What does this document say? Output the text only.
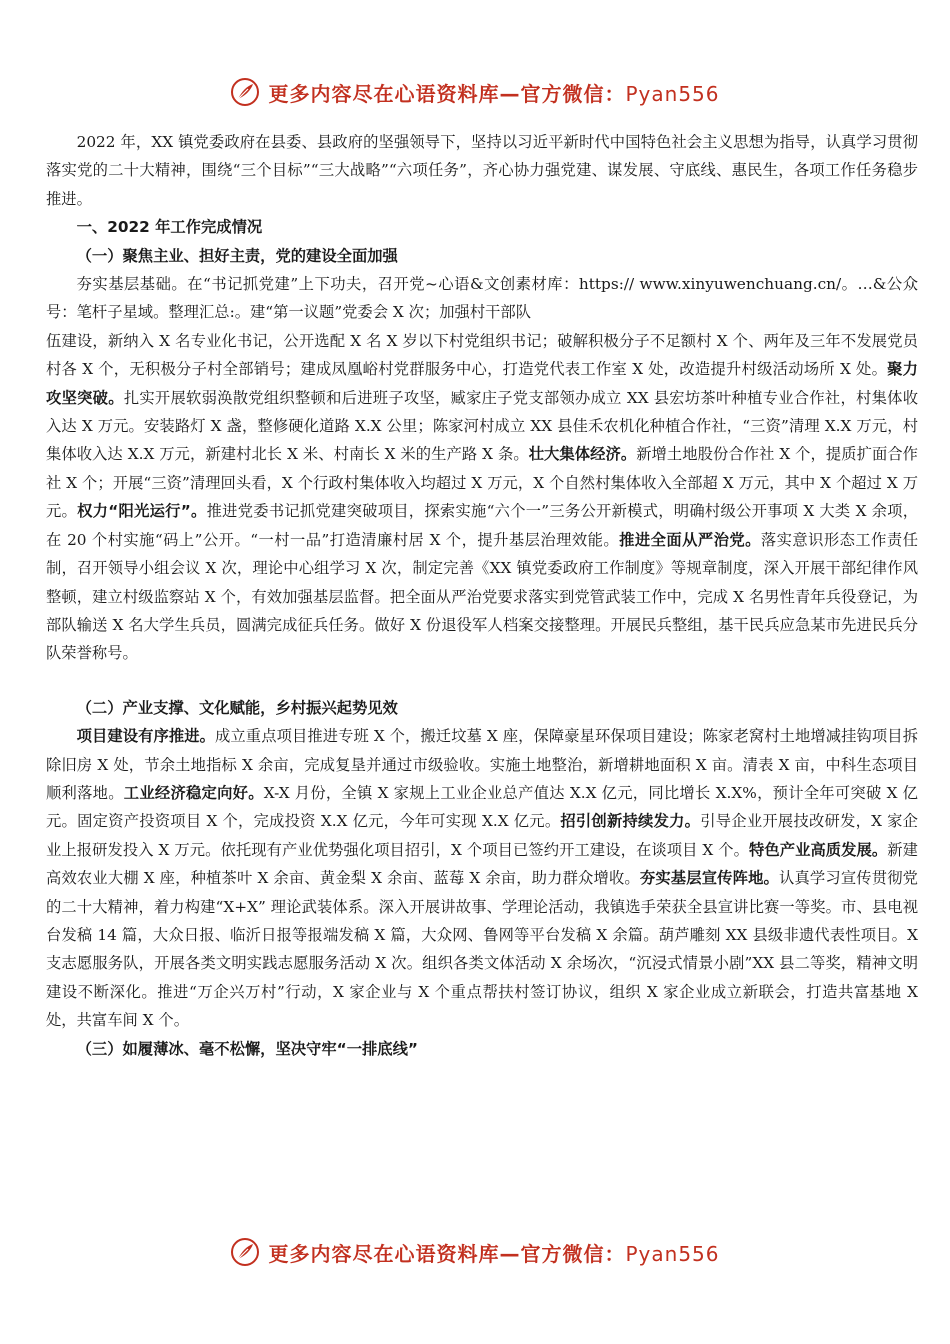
更多内容尽在心语资料库—官方微信：Pyan556

2022 年，XX 镇党委政府在县委、县政府的坚强领导下，坚持以习近平新时代中国特色社会主义思想为指导，认真学习贯彻落实党的二十大精神，围绕“三个目标”“三大战略”“六项任务”，齐心协力强党建、谋发展、守底线、惠民生，各项工作任务稳步推进。

一、2022 年工作完成情况

（一）聚焦主业、担好主责，党的建设全面加强

夯实基层基础。在“书记抓党建”上下功夫，召开党~心语&文创素材库：https:// www.xinyuwenchuang.cn/。…&公众号：笔杆子星域。整理汇总:。建“第一议题”党委会 X 次；加强村干部队

伍建设，新纳入 X 名专业化书记，公开选配 X 名 X 岁以下村党组织书记；破解积极分子不足额村 X 个、两年及三年不发展党员村各 X 个，无积极分子村全部销号；建成凤凰峪村党群服务中心，打造党代表工作室 X 处，改造提升村级活动场所 X 处。聚力攻坚突破。扎实开展软弱涣散党组织整顿和后进班子攻坚，臧家庄子党支部领办成立 XX 县宏坊茶叶种植专业合作社，村集体收入达 X 万元。安装路灯 X 盏，整修硬化道路 X.X 公里；陈家河村成立 XX 县佳禾农机化种植合作社，“三资”清理 X.X 万元，村集体收入达 X.X 万元，新建村北长 X 米、村南长 X 米的生产路 X 条。壮大集体经济。新增土地股份合作社 X 个，提质扩面合作社 X 个；开展“三资”清理回头看，X 个行政村集体收入均超过 X 万元，X 个自然村集体收入全部超 X 万元，其中 X 个超过 X 万元。权力“阳光运行”。推进党委书记抓党建突破项目，探索实施“六个一”三务公开新模式，明确村级公开事项 X 大类 X 余项，在 20 个村实施“码上”公开。“一村一品”打造清廉村居 X 个，提升基层治理效能。推进全面从严治党。落实意识形态工作责任制，召开领导小组会议 X 次，理论中心组学习 X 次，制定完善《XX 镇党委政府工作制度》等规章制度，深入开展干部纪律作风整顿，建立村级监察站 X 个，有效加强基层监督。把全面从严治党要求落实到党管武装工作中，完成 X 名男性青年兵役登记，为部队输送 X 名大学生兵员，圆满完成征兵任务。做好 X 份退役军人档案交接整理。开展民兵整组，基干民兵应急某市先进民兵分队荣誉称号。

（二）产业支撑、文化赋能，乡村振兴起势见效

项目建设有序推进。成立重点项目推进专班 X 个，搬迁坟墓 X 座，保障豪星环保项目建设；陈家老窝村土地增减挂钩项目拆除旧房 X 处，节余土地指标 X 余亩，完成复垦并通过市级验收。实施土地整治，新增耕地面积 X 亩。清表 X 亩，中科生态项目顺利落地。工业经济稳定向好。X-X 月份，全镇 X 家规上工业企业总产值达 X.X 亿元，同比增长 X.X%，预计全年可突破 X 亿元。固定资产投资项目 X 个，完成投资 X.X 亿元，今年可实现 X.X 亿元。招引创新持续发力。引导企业开展技改研发，X 家企业上报研发投入 X 万元。依托现有产业优势强化项目招引，X 个项目已签约开工建设，在谈项目 X 个。特色产业高质发展。新建高效农业大棚 X 座，种植茶叶 X 余亩、黄金梨 X 余亩、蓝莓 X 余亩，助力群众增收。夯实基层宣传阵地。认真学习宣传贯彻党的二十大精神，着力构建“X+X” 理论武装体系。深入开展讲故事、学理论活动，我镇选手荣获全县宣讲比赛一等奖。市、县电视台发稿 14 篇，大众日报、临沂日报等报端发稿 X 篇，大众网、鲁网等平台发稿 X 余篇。葫芦雕刻 XX 县级非遗代表性项目。X 支志愿服务队，开展各类文明实践志愿服务活动 X 次。组织各类文体活动 X 余场次，“沉浸式情景小剧”XX 县二等奖，精神文明建设不断深化。推进“万企兴万村”行动，X 家企业与 X 个重点帮扶村签订协议，组织 X 家企业成立新联会，打造共富基地 X 处，共富车间 X 个。

（三）如履薄冰、毫不松懈，坚决守牢“一排底线”

更多内容尽在心语资料库—官方微信：Pyan556
